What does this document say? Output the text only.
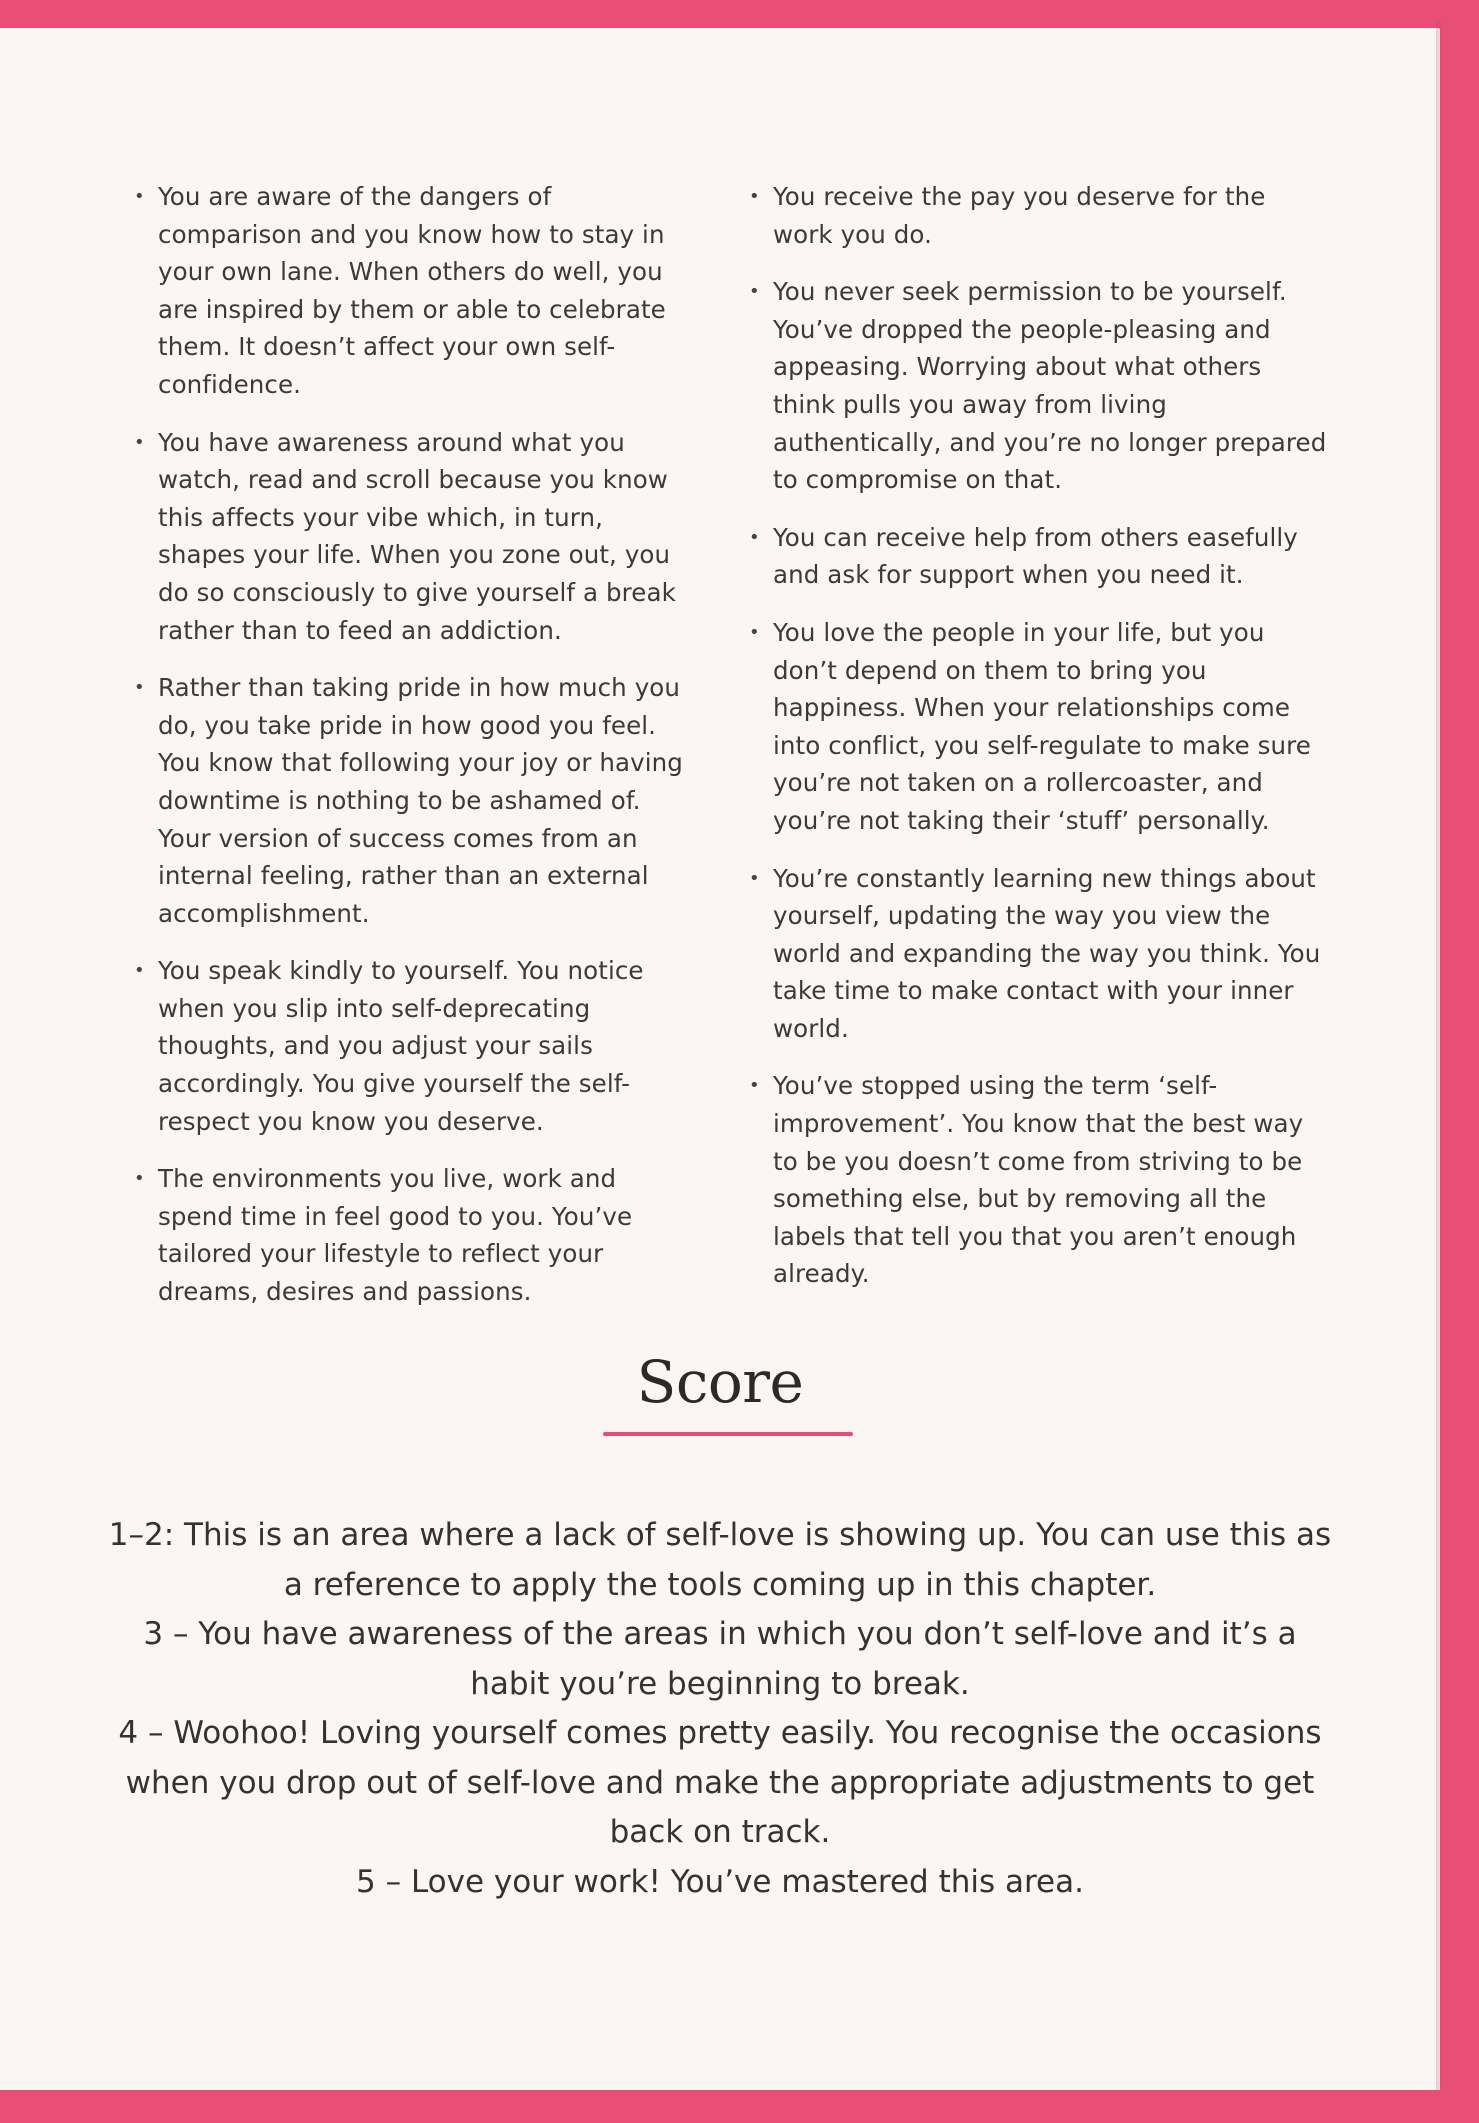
• You are aware of the dangers of comparison and you know how to stay in your own lane. When others do well, you are inspired by them or able to celebrate them. It doesn’t affect your own self-confidence.
• You have awareness around what you watch, read and scroll because you know this affects your vibe which, in turn, shapes your life. When you zone out, you do so consciously to give yourself a break rather than to feed an addiction.
• Rather than taking pride in how much you do, you take pride in how good you feel. You know that following your joy or having downtime is nothing to be ashamed of. Your version of success comes from an internal feeling, rather than an external accomplishment.
• You speak kindly to yourself. You notice when you slip into self-deprecating thoughts, and you adjust your sails accordingly. You give yourself the self-respect you know you deserve.
• The environments you live, work and spend time in feel good to you. You’ve tailored your lifestyle to reflect your dreams, desires and passions.
• You receive the pay you deserve for the work you do.
• You never seek permission to be yourself. You’ve dropped the people-pleasing and appeasing. Worrying about what others think pulls you away from living authentically, and you’re no longer prepared to compromise on that.
• You can receive help from others easefully and ask for support when you need it.
• You love the people in your life, but you don’t depend on them to bring you happiness. When your relationships come into conflict, you self-regulate to make sure you’re not taken on a rollercoaster, and you’re not taking their ‘stuff’ personally.
• You’re constantly learning new things about yourself, updating the way you view the world and expanding the way you think. You take time to make contact with your inner world.
• You’ve stopped using the term ‘self-improvement’. You know that the best way to be you doesn’t come from striving to be something else, but by removing all the labels that tell you that you aren’t enough already.
Score

1–2: This is an area where a lack of self-love is showing up. You can use this as a reference to apply the tools coming up in this chapter.

3 – You have awareness of the areas in which you don’t self-love and it’s a habit you’re beginning to break.

4 – Woohoo! Loving yourself comes pretty easily. You recognise the occasions when you drop out of self-love and make the appropriate adjustments to get back on track.

5 – Love your work! You’ve mastered this area.
